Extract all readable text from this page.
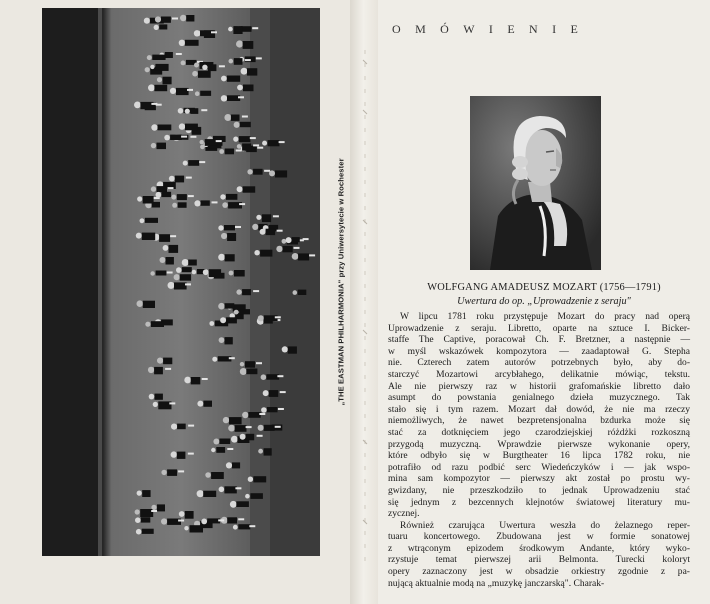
„THE EASTMAN PHILHARMONIA" przy Uniwersytecie w Rochester
OMÓWIENIE
WOLFGANG AMADEUSZ MOZART (1756—1791)
Uwertura do op. „Uprowadzenie z seraju"

W lipcu 1781 roku przystępuje Mozart do pracy nad operą
Uprowadzenie z seraju. Libretto, oparte na sztuce I. Bicker-
staffe The Captive, poracował Ch. F. Bretzner, a następnie —
w myśl wskazówek kompozytora — zaadaptował G. Stepha
nie. Czterech zatem autorów potrzebnych było, aby do-
starczyć Mozartowi arcybłahego, delikatnie mówiąc, tekstu.
Ale nie pierwszy raz w historii grafomańskie libretto dało
asumpt do powstania genialnego dzieła muzycznego. Tak
stało się i tym razem. Mozart dał dowód, że nie ma rzeczy
niemożliwych, że nawet bezpretensjonalna bzdurka może się
stać za dotknięciem jego czarodziejskiej różdżki rozkoszną
przygodą muzyczną. Wprawdzie pierwsze wykonanie opery,
które odbyło się w Burgtheater 16 lipca 1782 roku, nie
potrafiło od razu podbić serc Wiedeńczyków i — jak wspo-
mina sam kompozytor — pierwszy akt został po prostu wy-
gwizdany, nie przeszkodziło to jednak Uprowadzeniu stać
się jednym z bezcennych klejnotów światowej literatury mu-
zycznej.

Również czarująca Uwertura weszła do żelaznego reper-
tuaru koncertowego. Zbudowana jest w formie sonatowej
z wtrąconym epizodem środkowym Andante, który wyko-
rzystuje temat pierwszej arii Belmonta. Turecki koloryt
opery zaznaczony jest w obsadzie orkiestry zgodnie z pa-
nującą aktualnie modą na „muzykę janczarską". Charak-
